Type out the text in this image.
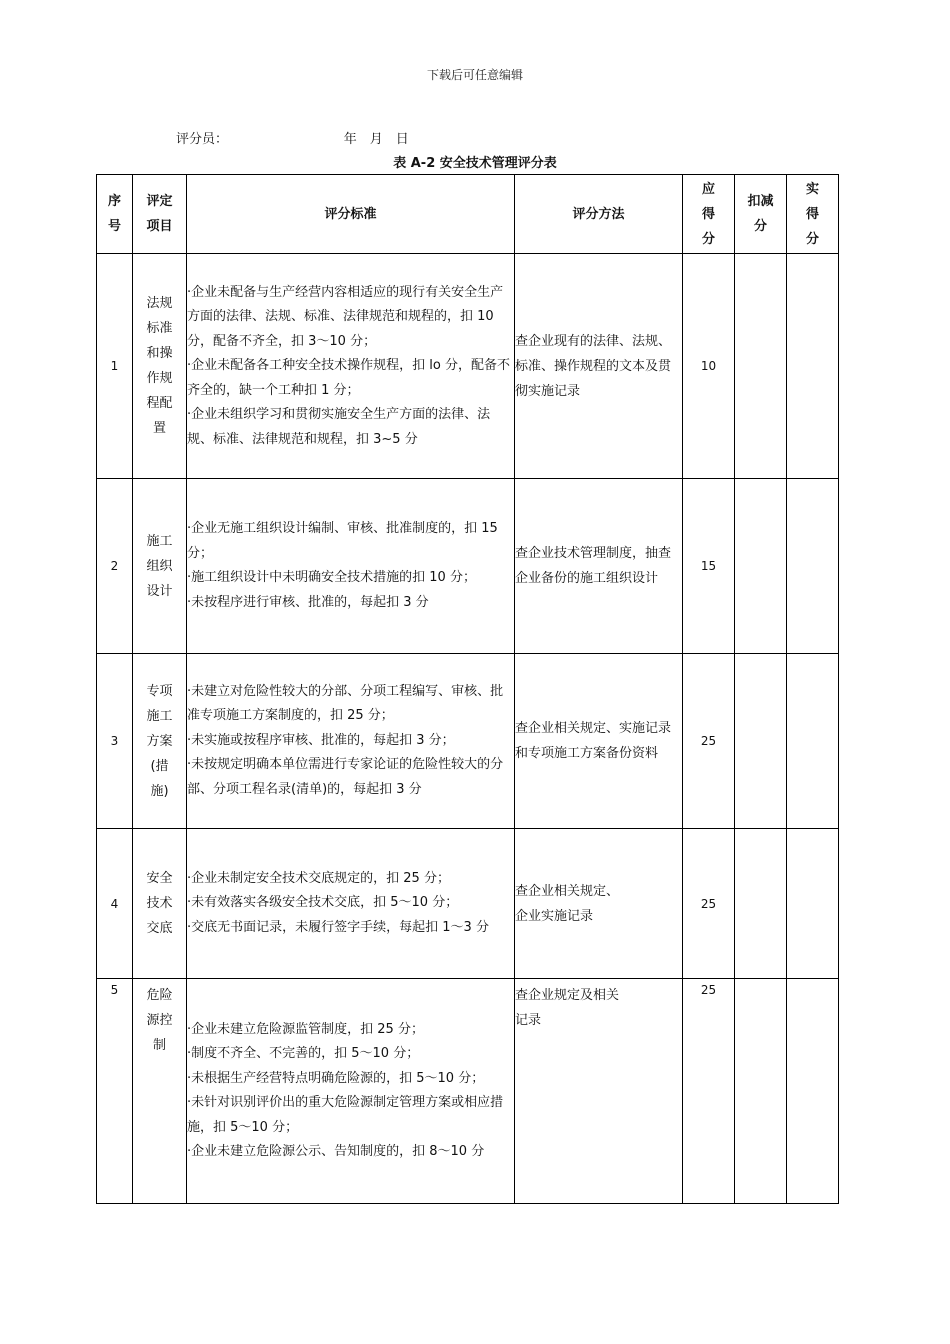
下载后可任意编辑
评分员：	年　月　日
表 A-2 安全技术管理评分表
序号	评定项目	评分标准	评分方法	应得分	扣减分	实得分
1	法规标准和操作规程配置	·企业未配备与生产经营内容相适应的现行有关安全生产方面的法律、法规、标准、法律规范和规程的，扣 10 分，配备不齐全，扣 3～10 分；
·企业未配备各工种安全技术操作规程，扣 lo 分，配备不齐全的，缺一个工种扣 1 分；
·企业未组织学习和贯彻实施安全生产方面的法律、法规、标准、法律规范和规程，扣 3~5 分	查企业现有的法律、法规、标准、操作规程的文本及贯彻实施记录	10		
2	施工组织设计	·企业无施工组织设计编制、审核、批准制度的，扣 15 分；
·施工组织设计中未明确安全技术措施的扣 10 分；
·未按程序进行审核、批准的，每起扣 3 分	查企业技术管理制度，抽查企业备份的施工组织设计	15		
3	专项施工方案(措施)	·未建立对危险性较大的分部、分项工程编写、审核、批准专项施工方案制度的，扣 25 分；
·未实施或按程序审核、批准的，每起扣 3 分；
·未按规定明确本单位需进行专家论证的危险性较大的分部、分项工程名录(清单)的，每起扣 3 分	查企业相关规定、实施记录和专项施工方案备份资料	25		
4	安全技术交底	·企业未制定安全技术交底规定的，扣 25 分；
·未有效落实各级安全技术交底，扣 5～10 分；
·交底无书面记录，未履行签字手续，每起扣 1～3 分	查企业相关规定、
企业实施记录	25		
5	危险源控制	·企业未建立危险源监管制度，扣 25 分；
·制度不齐全、不完善的，扣 5～10 分；
·未根据生产经营特点明确危险源的，扣 5～10 分；
·未针对识别评价出的重大危险源制定管理方案或相应措施，扣 5～10 分；
·企业未建立危险源公示、告知制度的，扣 8～10 分	查企业规定及相关
记录	25		
